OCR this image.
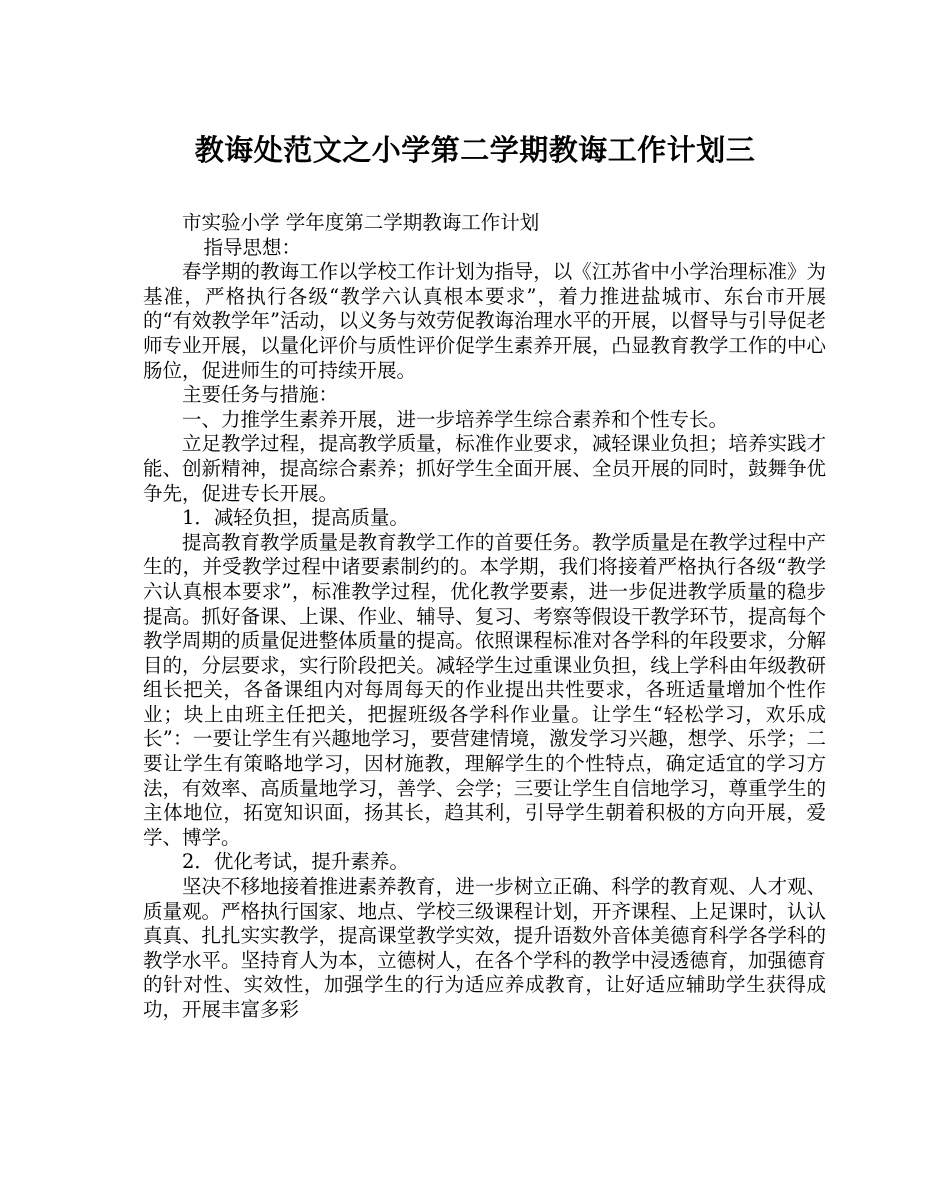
教诲处范文之小学第二学期教诲工作计划三

市实验小学 学年度第二学期教诲工作计划

指导思想：

春学期的教诲工作以学校工作计划为指导，以《江苏省中小学治理标准》为基准，严格执行各级“教学六认真根本要求”，着力推进盐城市、东台市开展的“有效教学年”活动，以义务与效劳促教诲治理水平的开展，以督导与引导促老师专业开展，以量化评价与质性评价促学生素养开展，凸显教育教学工作的中心肠位，促进师生的可持续开展。

主要任务与措施：

一、力推学生素养开展，进一步培养学生综合素养和个性专长。

立足教学过程，提高教学质量，标准作业要求，减轻课业负担；培养实践才能、创新精神，提高综合素养；抓好学生全面开展、全员开展的同时，鼓舞争优争先，促进专长开展。

1．减轻负担，提高质量。

提高教育教学质量是教育教学工作的首要任务。教学质量是在教学过程中产生的，并受教学过程中诸要素制约的。本学期，我们将接着严格执行各级“教学六认真根本要求”，标准教学过程，优化教学要素，进一步促进教学质量的稳步提高。抓好备课、上课、作业、辅导、复习、考察等假设干教学环节，提高每个教学周期的质量促进整体质量的提高。依照课程标准对各学科的年段要求，分解目的，分层要求，实行阶段把关。减轻学生过重课业负担，线上学科由年级教研组长把关，各备课组内对每周每天的作业提出共性要求，各班适量增加个性作业；块上由班主任把关，把握班级各学科作业量。让学生“轻松学习，欢乐成长”：一要让学生有兴趣地学习，要营建情境，激发学习兴趣，想学、乐学；二要让学生有策略地学习，因材施教，理解学生的个性特点，确定适宜的学习方法，有效率、高质量地学习，善学、会学；三要让学生自信地学习，尊重学生的主体地位，拓宽知识面，扬其长，趋其利，引导学生朝着积极的方向开展，爱学、博学。

2．优化考试，提升素养。

坚决不移地接着推进素养教育，进一步树立正确、科学的教育观、人才观、质量观。严格执行国家、地点、学校三级课程计划，开齐课程、上足课时，认认真真、扎扎实实教学，提高课堂教学实效，提升语数外音体美德育科学各学科的教学水平。坚持育人为本，立德树人，在各个学科的教学中浸透德育，加强德育的针对性、实效性，加强学生的行为适应养成教育，让好适应辅助学生获得成功，开展丰富多彩
